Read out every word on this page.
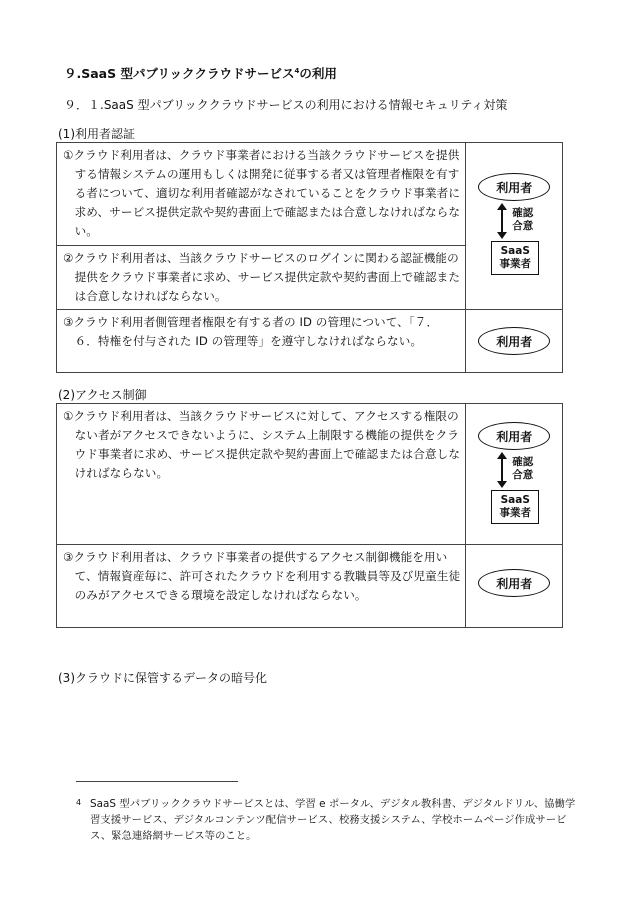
９.SaaS 型パブリッククラウドサービス$^4$の利用
９．１.SaaS 型パブリッククラウドサービスの利用における情報セキュリティ対策
(1)利用者認証

①クラウド利用者は、クラウド事業者における当該クラウドサービスを提供する情報システムの運用もしくは開発に従事する者又は管理者権限を有する者について、適切な利用者確認がなされていることをクラウド事業者に求め、サービス提供定款や契約書面上で確認または合意しなければならない。	利用者
確認
合意
SaaS
事業者

②クラウド利用者は、当該クラウドサービスのログインに関わる認証機能の提供をクラウド事業者に求め、サービス提供定款や契約書面上で確認または合意しなければならない。	

③クラウド利用者側管理者権限を有する者の ID の管理について、「７．６．特権を付与された ID の管理等」を遵守しなければならない。	利用者
(2)アクセス制御

①クラウド利用者は、当該クラウドサービスに対して、アクセスする権限のない者がアクセスできないように、システム上制限する機能の提供をクラウド事業者に求め、サービス提供定款や契約書面上で確認または合意しなければならない。	利用者
確認
合意
SaaS
事業者

③クラウド利用者は、クラウド事業者の提供するアクセス制御機能を用いて、情報資産毎に、許可されたクラウドを利用する教職員等及び児童生徒のみがアクセスできる環境を設定しなければならない。	利用者
(3)クラウドに保管するデータの暗号化
4 SaaS 型パブリッククラウドサービスとは、学習 e ポータル、デジタル教科書、デジタルドリル、協働学習支援サービス、デジタルコンテンツ配信サービス、校務支援システム、学校ホームページ作成サービス、緊急連絡網サービス等のこと。
